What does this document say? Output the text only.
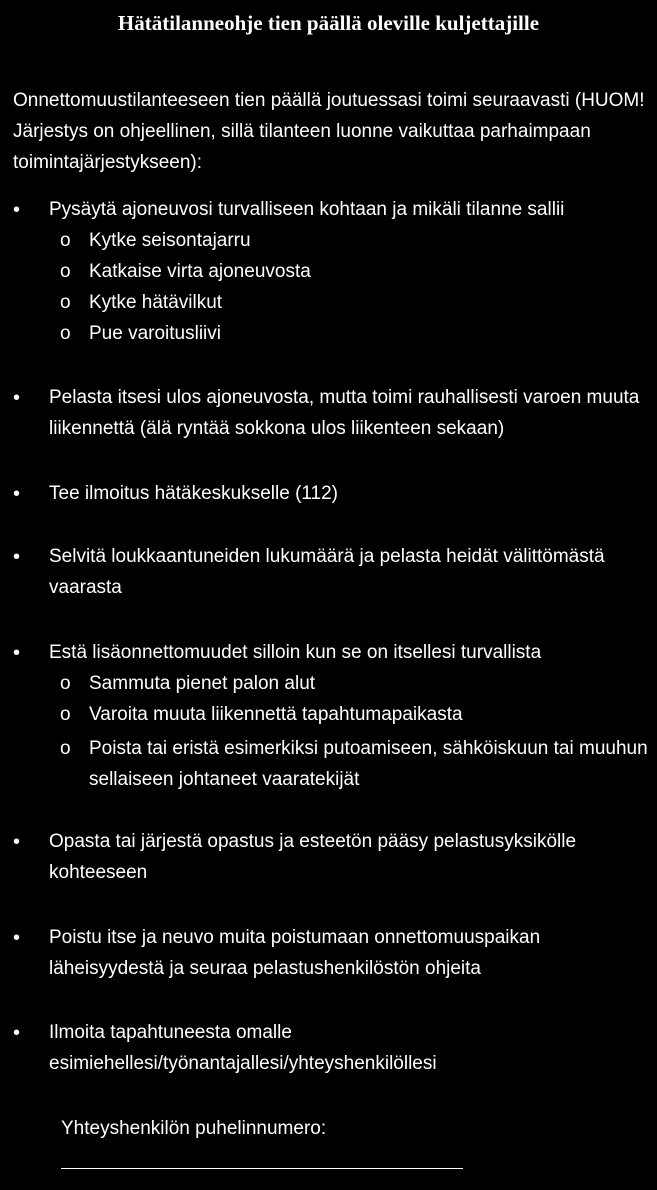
Hätätilanneohje tien päällä oleville kuljettajille
Onnettomuustilanteeseen tien päällä joutuessasi toimi seuraavasti (HUOM! Järjestys on ohjeellinen, sillä tilanteen luonne vaikuttaa parhaimpaan toimintajärjestykseen):
• Pysäytä ajoneuvosi turvalliseen kohtaan ja mikäli tilanne sallii
o Kytke seisontajarru
o Katkaise virta ajoneuvosta
o Kytke hätävilkut
o Pue varoitusliivi
• Pelasta itsesi ulos ajoneuvosta, mutta toimi rauhallisesti varoen muuta liikennettä (älä ryntää sokkona ulos liikenteen sekaan)
• Tee ilmoitus hätäkeskukselle (112)
• Selvitä loukkaantuneiden lukumäärä ja pelasta heidät välittömästä vaarasta
• Estä lisäonnettomuudet silloin kun se on itsellesi turvallista
o Sammuta pienet palon alut
o Varoita muuta liikennettä tapahtumapaikasta
o Poista tai eristä esimerkiksi putoamiseen, sähköiskuun tai muuhun sellaiseen johtaneet vaaratekijät
• Opasta tai järjestä opastus ja esteetön pääsy pelastusyksikölle kohteeseen
• Poistu itse ja neuvo muita poistumaan onnettomuuspaikan läheisyydestä ja seuraa pelastushenkilöstön ohjeita
• Ilmoita tapahtuneesta omalle esimiehellesi/työnantajallesi/yhteyshenkilöllesi
Yhteyshenkilön puhelinnumero:
